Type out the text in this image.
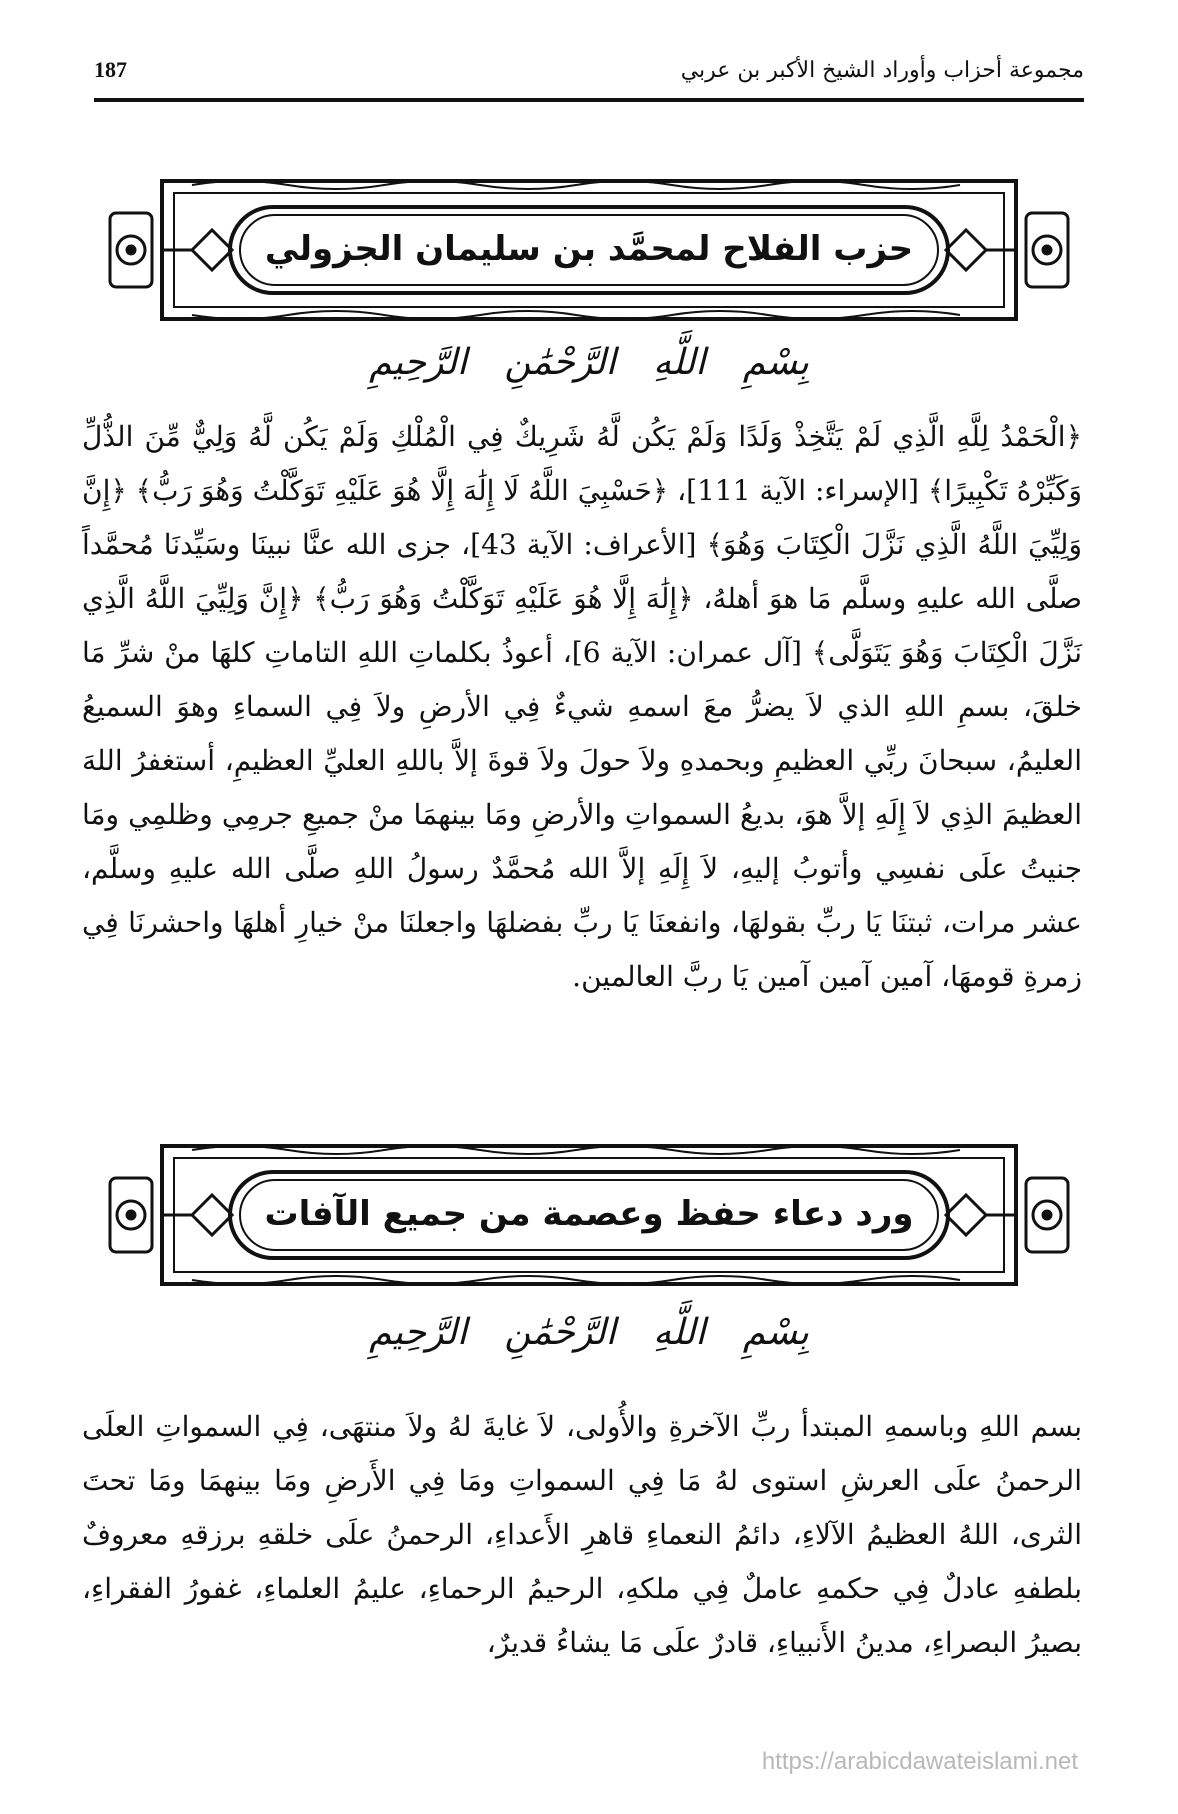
مجموعة أحزاب وأوراد الشيخ الأكبر بن عربي
187
حزب الفلاح لمحمَّد بن سليمان الجزولي
بِسْمِ اللَّهِ الرَّحْمَٰنِ الرَّحِيمِ
﴿الْحَمْدُ لِلَّهِ الَّذِي لَمْ يَتَّخِذْ وَلَدًا وَلَمْ يَكُن لَّهُ شَرِيكٌ فِي الْمُلْكِ وَلَمْ يَكُن لَّهُ وَلِيٌّ مِّنَ الذُّلِّ وَكَبِّرْهُ تَكْبِيرًا﴾ [الإسراء: الآية 111]، ﴿حَسْبِيَ اللَّهُ لَا إِلَٰهَ إِلَّا هُوَ عَلَيْهِ تَوَكَّلْتُ وَهُوَ رَبُّ﴾ ﴿إِنَّ وَلِيِّيَ اللَّهُ الَّذِي نَزَّلَ الْكِتَابَ وَهُوَ﴾ [الأعراف: الآية 43]، جزى الله عنَّا نبينَا وسَيِّدنَا مُحمَّداً صلَّى الله عليهِ وسلَّم مَا هوَ أهلهُ، ﴿إِلَٰهَ إِلَّا هُوَ عَلَيْهِ تَوَكَّلْتُ وَهُوَ رَبُّ﴾ ﴿إِنَّ وَلِيِّيَ اللَّهُ الَّذِي نَزَّلَ الْكِتَابَ وَهُوَ يَتَوَلَّى﴾ [آل عمران: الآية 6]، أعوذُ بكلماتِ اللهِ التاماتِ كلهَا منْ شرِّ مَا خلقَ، بسمِ اللهِ الذي لاَ يضرُّ معَ اسمهِ شيءٌ فِي الأرضِ ولاَ فِي السماءِ وهوَ السميعُ العليمُ، سبحانَ ربِّي العظيمِ وبحمدهِ ولاَ حولَ ولاَ قوةَ إلاَّ باللهِ العليِّ العظيمِ، أستغفرُ اللهَ العظيمَ الذِي لاَ إِلَهِ إلاَّ هوَ، بديعُ السمواتِ والأرضِ ومَا بينهمَا منْ جميعِ جرمِي وظلمِي ومَا جنيتُ علَى نفسِي وأتوبُ إليهِ، لاَ إِلَهِ إلاَّ الله مُحمَّدٌ رسولُ اللهِ صلَّى الله عليهِ وسلَّم، عشر مرات، ثبتنَا يَا ربِّ بقولهَا، وانفعنَا يَا ربِّ بفضلهَا واجعلنَا منْ خيارِ أهلهَا واحشرنَا فِي زمرةِ قومهَا، آمين آمين آمين يَا ربَّ العالمين.
ورد دعاء حفظ وعصمة من جميع الآفات
بِسْمِ اللَّهِ الرَّحْمَٰنِ الرَّحِيمِ
بسم اللهِ وباسمهِ المبتدأ ربِّ الآخرةِ والأُولى، لاَ غايةَ لهُ ولاَ منتهَى، فِي السمواتِ العلَى الرحمنُ علَى العرشِ استوى لهُ مَا فِي السمواتِ ومَا فِي الأَرضِ ومَا بينهمَا ومَا تحتَ الثرى، اللهُ العظيمُ الآلاءِ، دائمُ النعماءِ قاهرِ الأَعداءِ، الرحمنُ علَى خلقهِ برزقهِ معروفٌ بلطفهِ عادلٌ فِي حكمهِ عاملٌ فِي ملكهِ، الرحيمُ الرحماءِ، عليمُ العلماءِ، غفورُ الفقراءِ، بصيرُ البصراءِ، مدينُ الأَنبياءِ، قادرٌ علَى مَا يشاءُ قديرٌ،
https://arabicdawateislami.net
